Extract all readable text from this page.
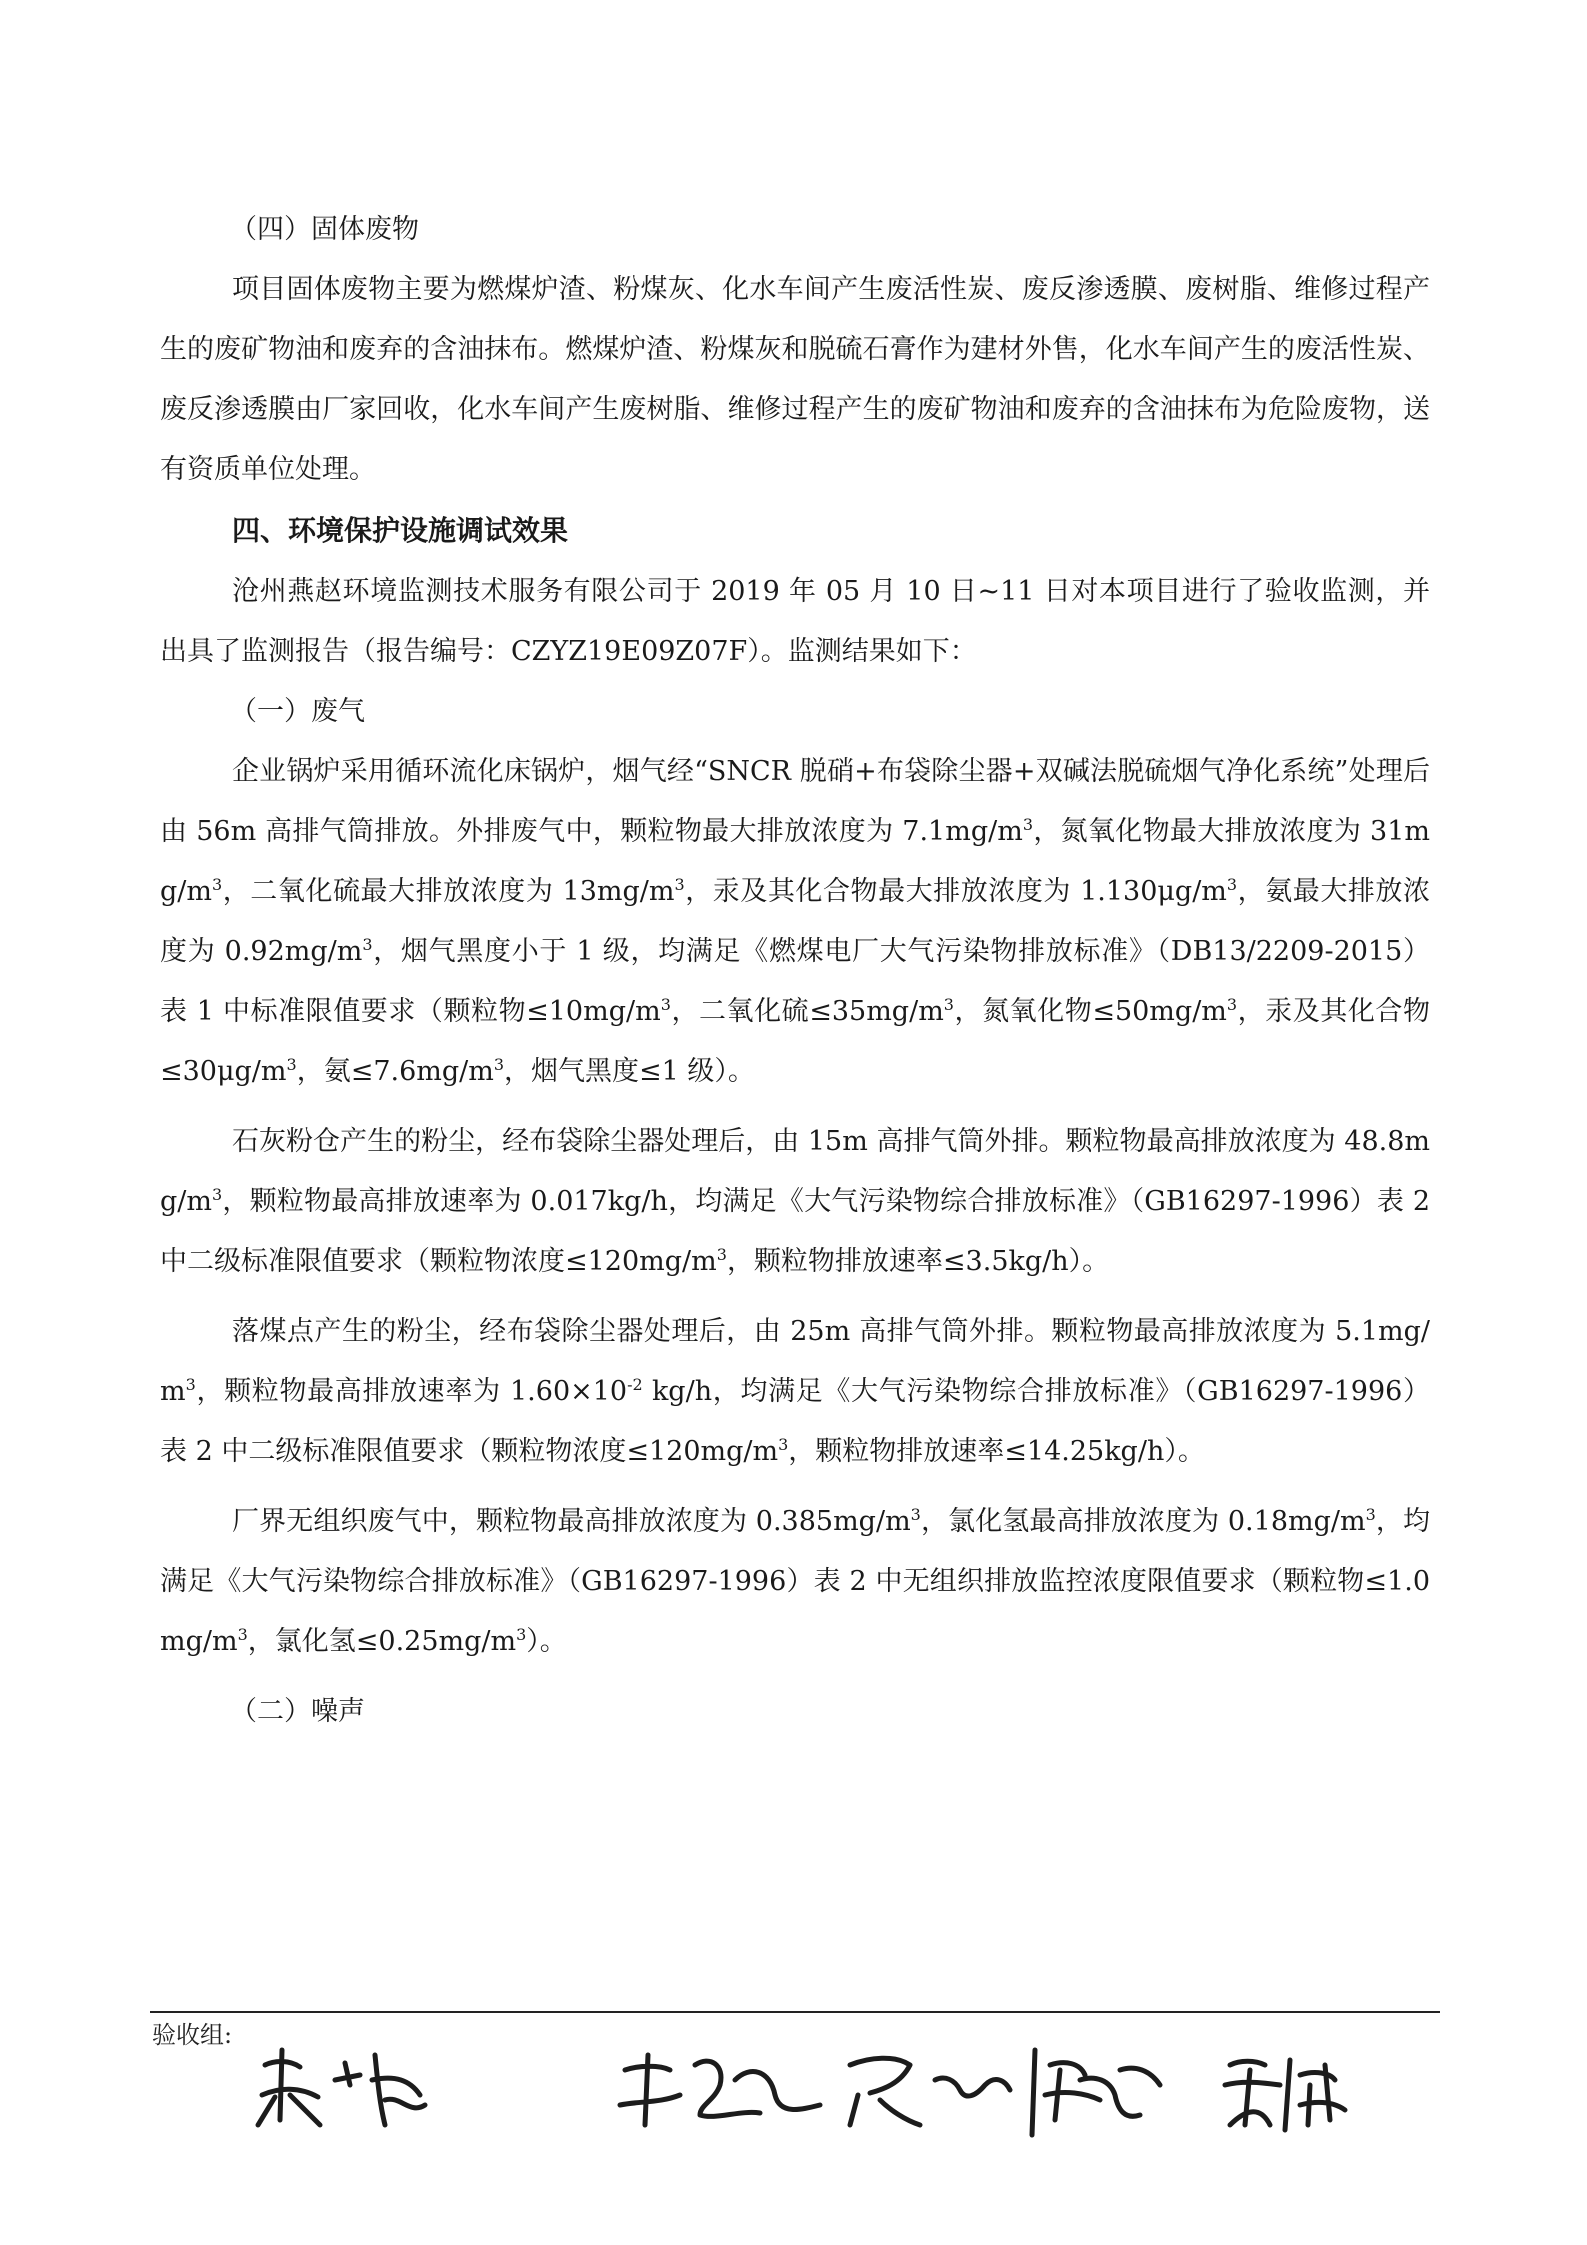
（四）固体废物

项目固体废物主要为燃煤炉渣、粉煤灰、化水车间产生废活性炭、废反渗透膜、废树脂、维修过程产生的废矿物油和废弃的含油抹布。燃煤炉渣、粉煤灰和脱硫石膏作为建材外售，化水车间产生的废活性炭、废反渗透膜由厂家回收，化水车间产生废树脂、维修过程产生的废矿物油和废弃的含油抹布为危险废物，送有资质单位处理。

四、环境保护设施调试效果

沧州燕赵环境监测技术服务有限公司于 2019 年 05 月 10 日~11 日对本项目进行了验收监测，并出具了监测报告（报告编号：CZYZ19E09Z07F）。监测结果如下：

（一）废气

企业锅炉采用循环流化床锅炉，烟气经“SNCR 脱硝+布袋除尘器+双碱法脱硫烟气净化系统”处理后由 56m 高排气筒排放。外排废气中，颗粒物最大排放浓度为 $7.1mg/m^3$，氮氧化物最大排放浓度为 $31mg/m^3$，二氧化硫最大排放浓度为 $13mg/m^3$，汞及其化合物最大排放浓度为 $1.130\mu g/m^3$，氨最大排放浓度为 $0.92mg/m^3$，烟气黑度小于 1 级，均满足《燃煤电厂大气污染物排放标准》（DB13/2209-2015）表 1 中标准限值要求（颗粒物$\le 10mg/m^3$，二氧化硫$\le 35mg/m^3$，氮氧化物$\le 50mg/m^3$，汞及其化合物$\le 30\mu g/m^3$，氨$\le 7.6mg/m^3$，烟气黑度≤1 级）。

石灰粉仓产生的粉尘，经布袋除尘器处理后，由 15m 高排气筒外排。颗粒物最高排放浓度为 $48.8mg/m^3$，颗粒物最高排放速率为 0.017kg/h，均满足《大气污染物综合排放标准》（GB16297-1996）表 2 中二级标准限值要求（颗粒物浓度$\le 120mg/m^3$，颗粒物排放速率≤3.5kg/h）。

落煤点产生的粉尘，经布袋除尘器处理后，由 25m 高排气筒外排。颗粒物最高排放浓度为 $5.1mg/m^3$，颗粒物最高排放速率为 $1.60\times 10^{-2}$ kg/h，均满足《大气污染物综合排放标准》（GB16297-1996）表 2 中二级标准限值要求（颗粒物浓度$\le 120mg/m^3$，颗粒物排放速率≤14.25kg/h）。

厂界无组织废气中，颗粒物最高排放浓度为 $0.385mg/m^3$，氯化氢最高排放浓度为 $0.18mg/m^3$，均满足《大气污染物综合排放标准》（GB16297-1996）表 2 中无组织排放监控浓度限值要求（颗粒物$\le 1.0mg/m^3$，氯化氢$\le 0.25mg/m^3$）。

（二）噪声
验收组:
